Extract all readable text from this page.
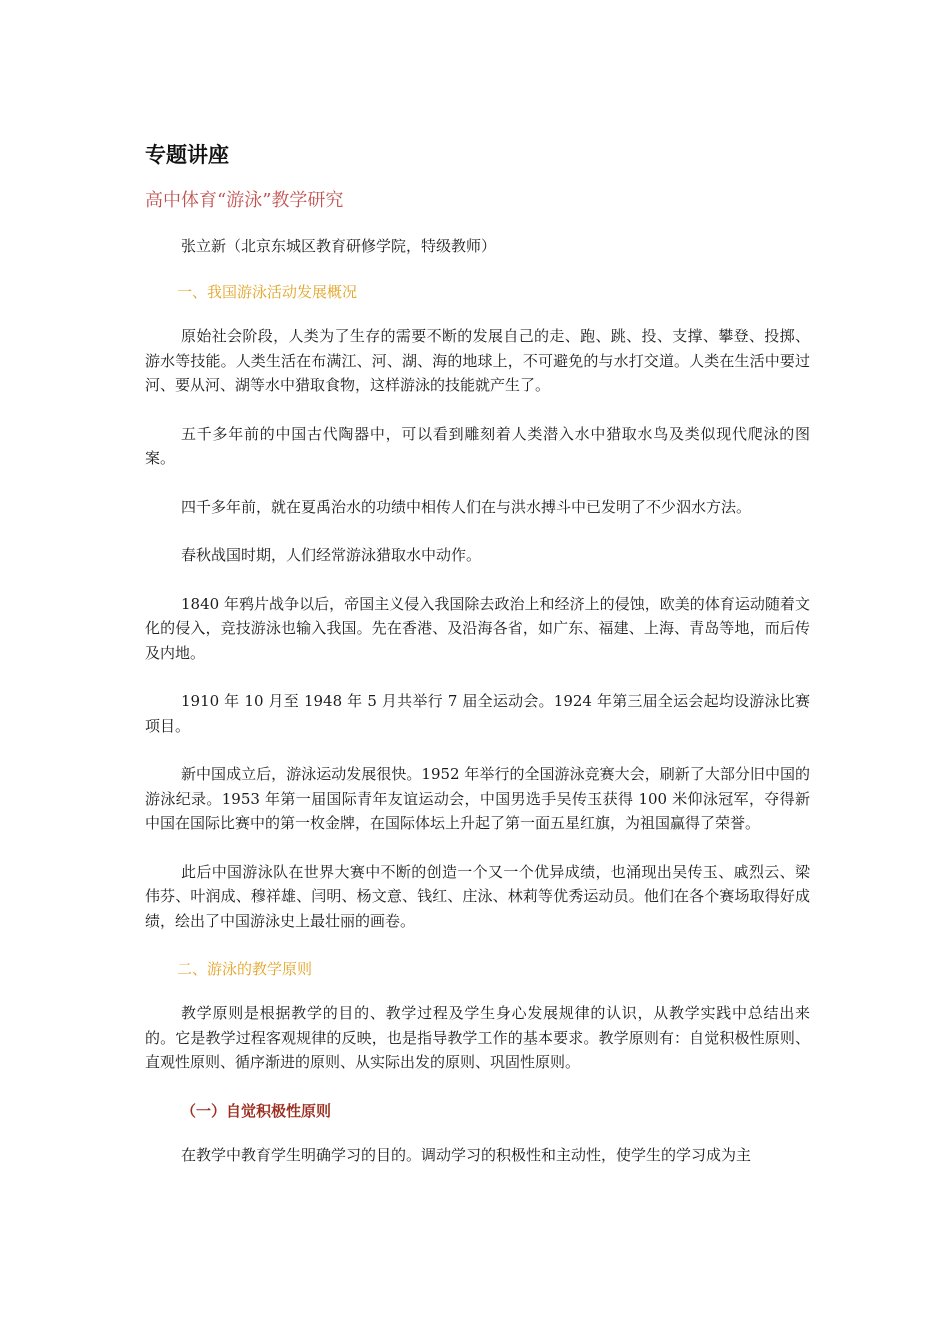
专题讲座
高中体育“游泳”教学研究
张立新（北京东城区教育研修学院，特级教师）
一、我国游泳活动发展概况

原始社会阶段，人类为了生存的需要不断的发展自己的走、跑、跳、投、支撑、攀登、投掷、游水等技能。人类生活在布满江、河、湖、海的地球上，不可避免的与水打交道。人类在生活中要过河、要从河、湖等水中猎取食物，这样游泳的技能就产生了。

五千多年前的中国古代陶器中，可以看到雕刻着人类潜入水中猎取水鸟及类似现代爬泳的图案。

四千多年前，就在夏禹治水的功绩中相传人们在与洪水搏斗中已发明了不少泅水方法。

春秋战国时期，人们经常游泳猎取水中动作。

1840 年鸦片战争以后，帝国主义侵入我国除去政治上和经济上的侵蚀，欧美的体育运动随着文化的侵入，竞技游泳也输入我国。先在香港、及沿海各省，如广东、福建、上海、青岛等地，而后传及内地。

1910 年 10 月至 1948 年 5 月共举行 7 届全运动会。1924 年第三届全运会起均设游泳比赛项目。

新中国成立后，游泳运动发展很快。1952 年举行的全国游泳竞赛大会，刷新了大部分旧中国的游泳纪录。1953 年第一届国际青年友谊运动会，中国男选手吴传玉获得 100 米仰泳冠军，夺得新中国在国际比赛中的第一枚金牌，在国际体坛上升起了第一面五星红旗，为祖国赢得了荣誉。

此后中国游泳队在世界大赛中不断的创造一个又一个优异成绩，也涌现出吴传玉、戚烈云、梁伟芬、叶润成、穆祥雄、闫明、杨文意、钱红、庄泳、林莉等优秀运动员。他们在各个赛场取得好成绩，绘出了中国游泳史上最壮丽的画卷。

二、游泳的教学原则

教学原则是根据教学的目的、教学过程及学生身心发展规律的认识，从教学实践中总结出来的。它是教学过程客观规律的反映，也是指导教学工作的基本要求。教学原则有：自觉积极性原则、直观性原则、循序渐进的原则、从实际出发的原则、巩固性原则。

（一）自觉积极性原则

在教学中教育学生明确学习的目的。调动学习的积极性和主动性，使学生的学习成为主
